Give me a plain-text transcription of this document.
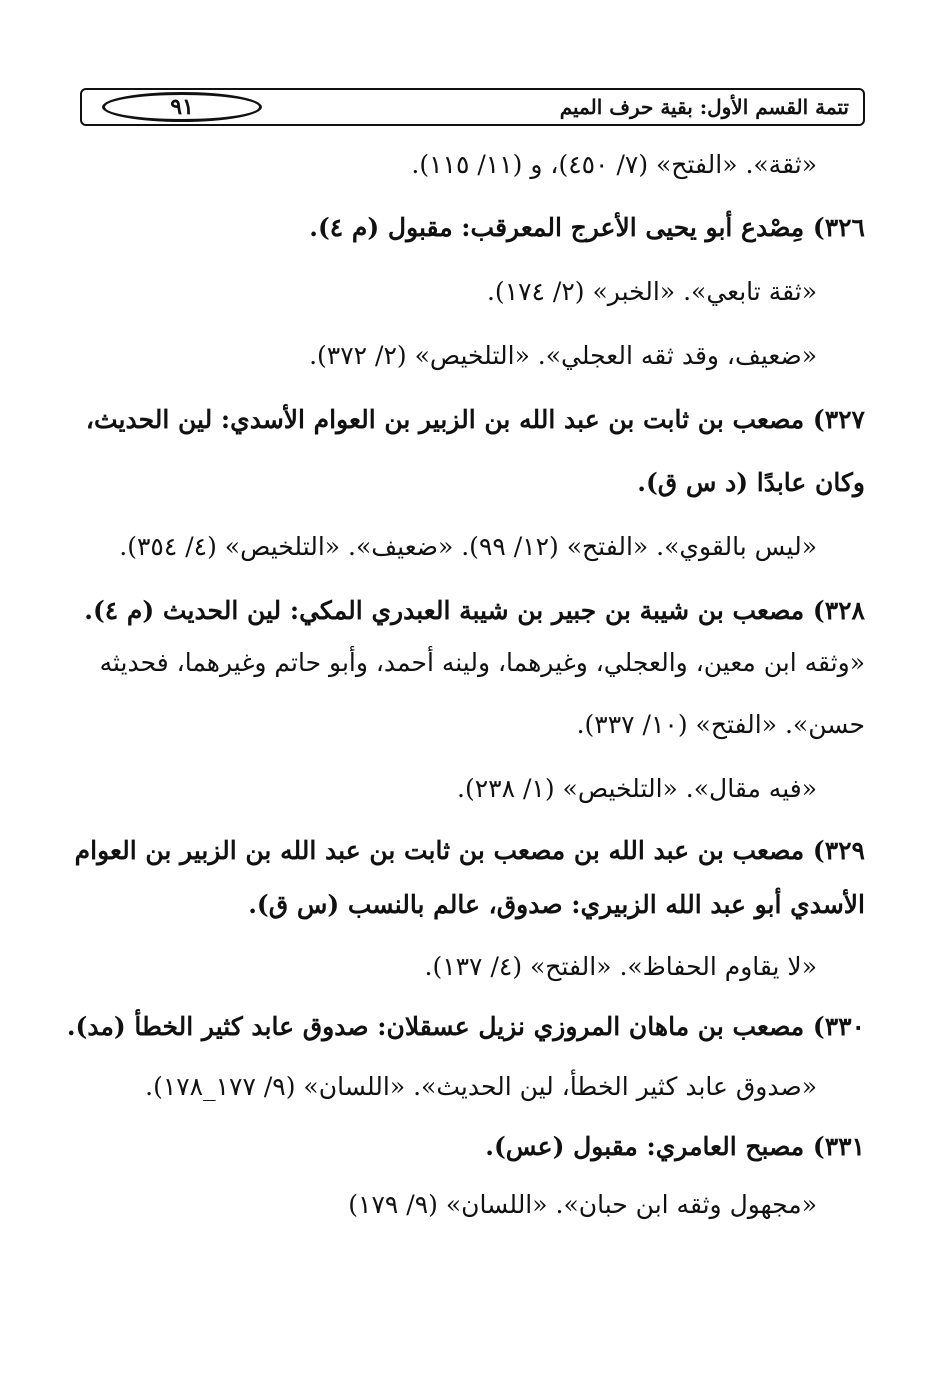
٩١	تتمة القسم الأول: بقية حرف الميم

«ثقة». «الفتح» (٧/ ٤٥٠)، و (١١/ ١١٥).

٣٢٦) مِصْدع أبو يحيى الأعرج المعرقب: مقبول (م ٤).

«ثقة تابعي». «الخبر» (٢/ ١٧٤).

«ضعيف، وقد ثقه العجلي». «التلخيص» (٢/ ٣٧٢).

٣٢٧) مصعب بن ثابت بن عبد الله بن الزبير بن العوام الأسدي: لين الحديث،

وكان عابدًا (د س ق).

«ليس بالقوي». «الفتح» (١٢/ ٩٩). «ضعيف». «التلخيص» (٤/ ٣٥٤).

٣٢٨) مصعب بن شيبة بن جبير بن شيبة العبدري المكي: لين الحديث (م ٤).

«وثقه ابن معين، والعجلي، وغيرهما، ولينه أحمد، وأبو حاتم وغيرهما، فحديثه

حسن». «الفتح» (١٠/ ٣٣٧).

«فيه مقال». «التلخيص» (١/ ٢٣٨).

٣٢٩) مصعب بن عبد الله بن مصعب بن ثابت بن عبد الله بن الزبير بن العوام

الأسدي أبو عبد الله الزبيري: صدوق، عالم بالنسب (س ق).

«لا يقاوم الحفاظ». «الفتح» (٤/ ١٣٧).

٣٣٠) مصعب بن ماهان المروزي نزيل عسقلان: صدوق عابد كثير الخطأ (مد).

«صدوق عابد كثير الخطأ، لين الحديث». «اللسان» (٩/ ١٧٧_١٧٨).

٣٣١) مصبح العامري: مقبول (عس).

«مجهول وثقه ابن حبان». «اللسان» (٩/ ١٧٩)
